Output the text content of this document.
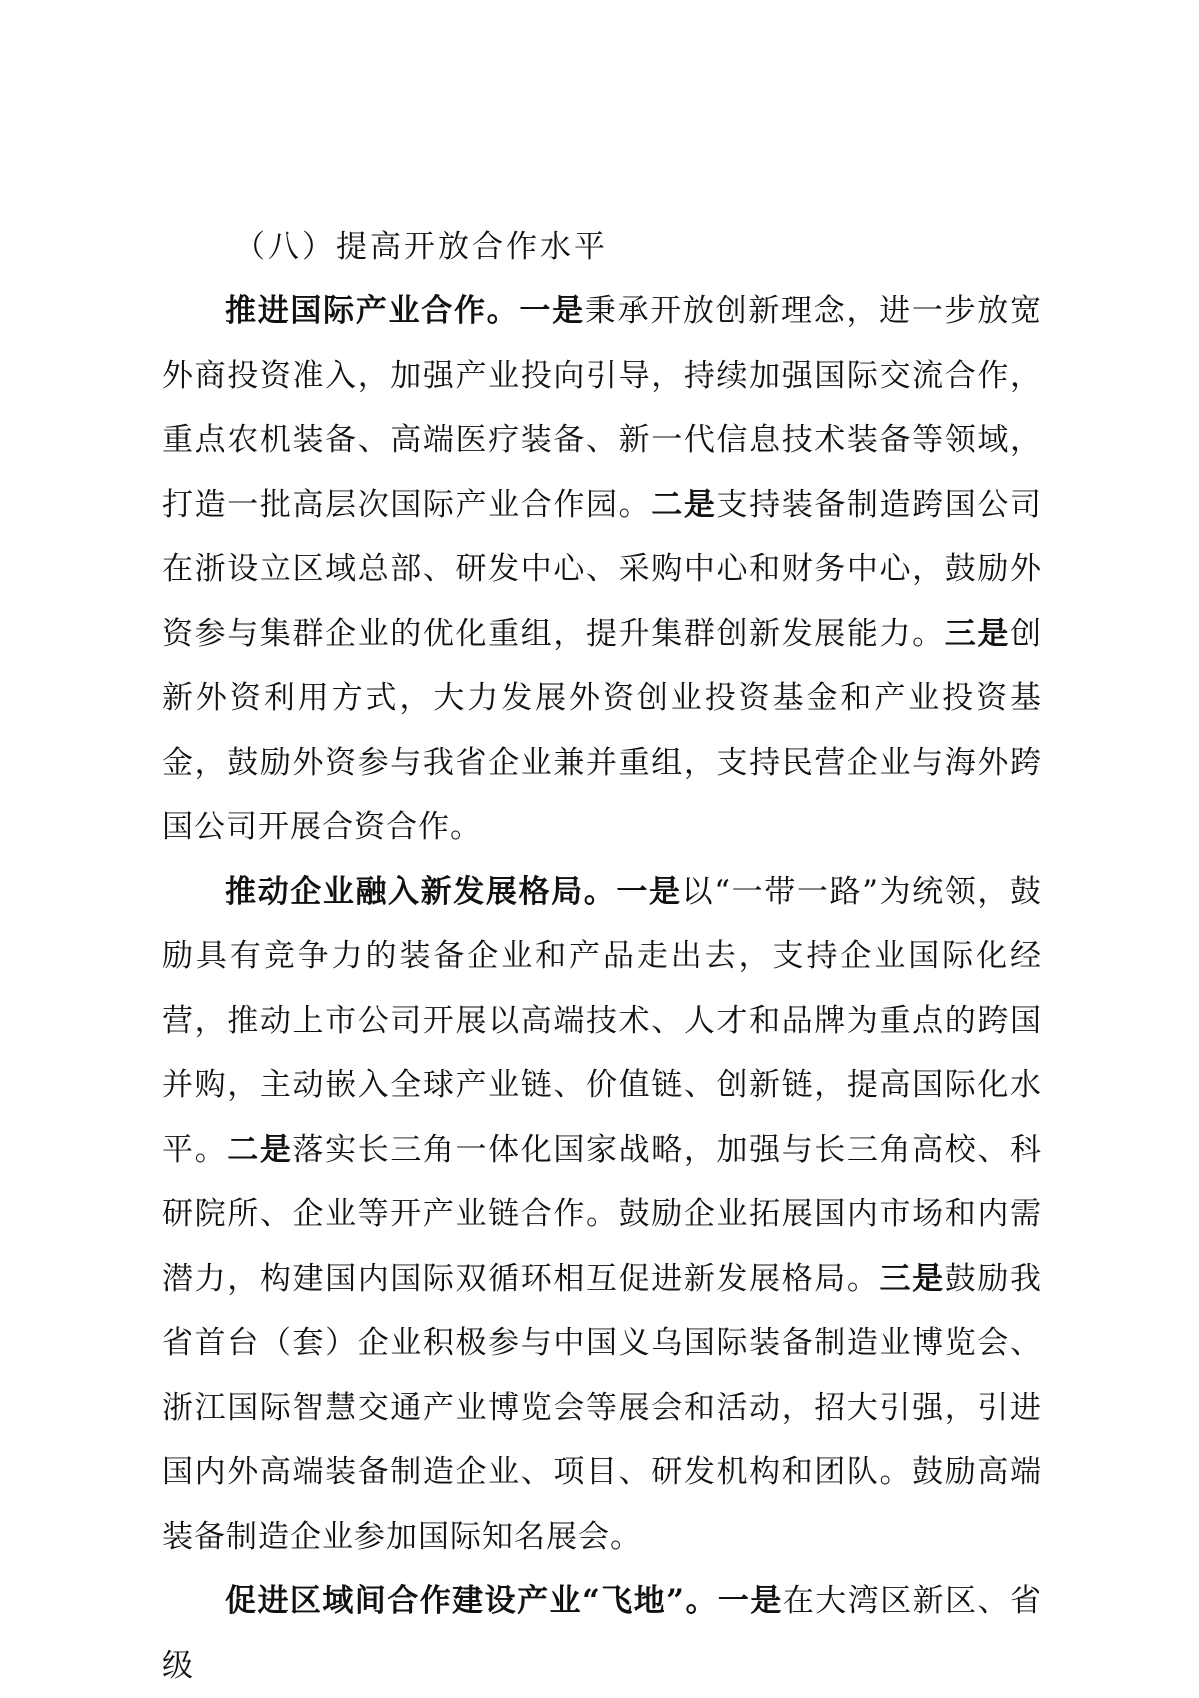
（八）提高开放合作水平

推进国际产业合作。一是秉承开放创新理念，进一步放宽外商投资准入，加强产业投向引导，持续加强国际交流合作，重点农机装备、高端医疗装备、新一代信息技术装备等领域，打造一批高层次国际产业合作园。二是支持装备制造跨国公司在浙设立区域总部、研发中心、采购中心和财务中心，鼓励外资参与集群企业的优化重组，提升集群创新发展能力。三是创新外资利用方式，大力发展外资创业投资基金和产业投资基金，鼓励外资参与我省企业兼并重组，支持民营企业与海外跨国公司开展合资合作。

推动企业融入新发展格局。一是以“一带一路”为统领，鼓励具有竞争力的装备企业和产品走出去，支持企业国际化经营，推动上市公司开展以高端技术、人才和品牌为重点的跨国并购，主动嵌入全球产业链、价值链、创新链，提高国际化水平。二是落实长三角一体化国家战略，加强与长三角高校、科研院所、企业等开产业链合作。鼓励企业拓展国内市场和内需潜力，构建国内国际双循环相互促进新发展格局。三是鼓励我省首台（套）企业积极参与中国义乌国际装备制造业博览会、浙江国际智慧交通产业博览会等展会和活动，招大引强，引进国内外高端装备制造企业、项目、研发机构和团队。鼓励高端装备制造企业参加国际知名展会。

促进区域间合作建设产业“飞地”。一是在大湾区新区、省级
